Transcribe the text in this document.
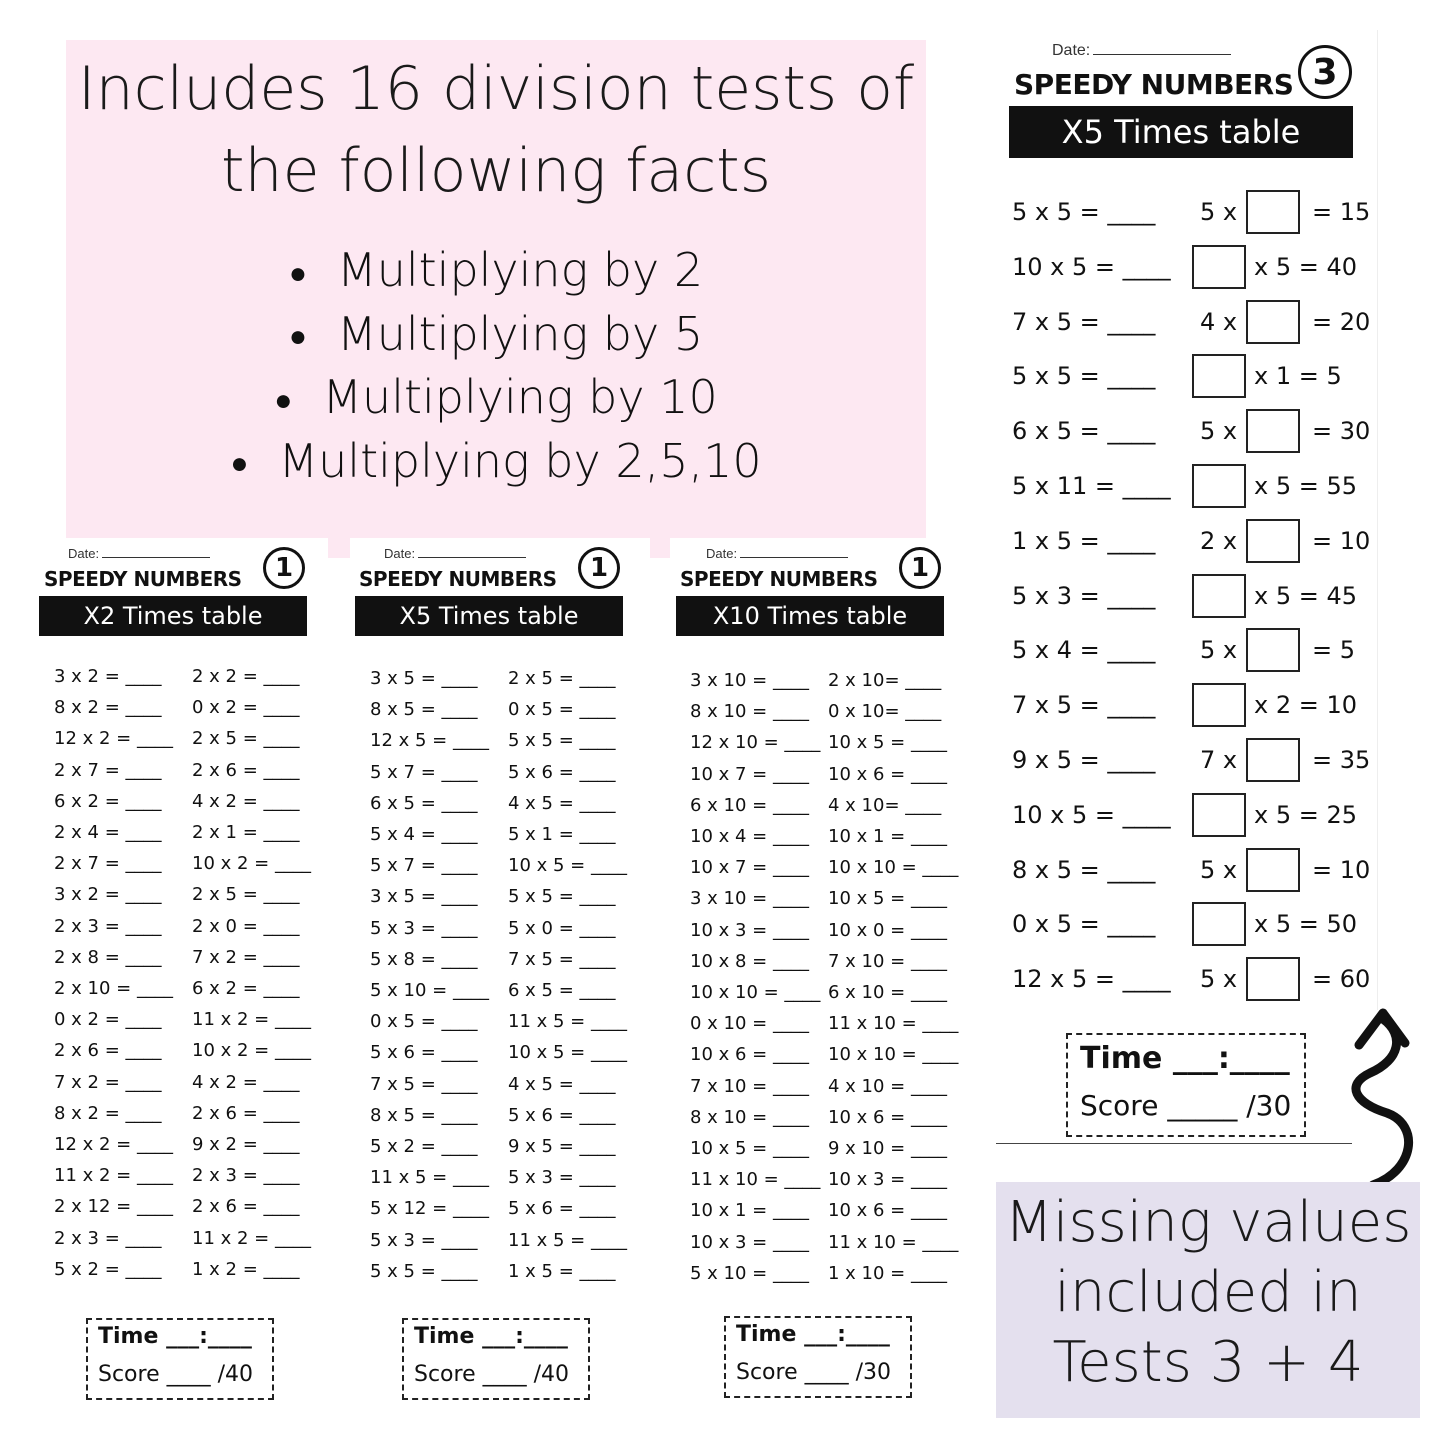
Includes 16 division tests of
the following facts
● Multiplying by 2
● Multiplying by 5
● Multiplying by 10
● Multiplying by 2,5,10
Date:
SPEEDY NUMBERS	1
X2 Times table
3 x 2 = ____ 2 x 2 = ____
8 x 2 = ____ 0 x 2 = ____
12 x 2 = ____ 2 x 5 = ____
2 x 7 = ____ 2 x 6 = ____
6 x 2 = ____ 4 x 2 = ____
2 x 4 = ____ 2 x 1 = ____
2 x 7 = ____ 10 x 2 = ____
3 x 2 = ____ 2 x 5 = ____
2 x 3 = ____ 2 x 0 = ____
2 x 8 = ____ 7 x 2 = ____
2 x 10 = ____ 6 x 2 = ____
0 x 2 = ____ 11 x 2 = ____
2 x 6 = ____ 10 x 2 = ____
7 x 2 = ____ 4 x 2 = ____
8 x 2 = ____ 2 x 6 = ____
12 x 2 = ____ 9 x 2 = ____
11 x 2 = ____ 2 x 3 = ____
2 x 12 = ____ 2 x 6 = ____
2 x 3 = ____ 11 x 2 = ____
5 x 2 = ____ 1 x 2 = ____
Time ___:____
Score ____ /40
Date:
SPEEDY NUMBERS	1
X5 Times table
3 x 5 = ____ 2 x 5 = ____
8 x 5 = ____ 0 x 5 = ____
12 x 5 = ____ 5 x 5 = ____
5 x 7 = ____ 5 x 6 = ____
6 x 5 = ____ 4 x 5 = ____
5 x 4 = ____ 5 x 1 = ____
5 x 7 = ____ 10 x 5 = ____
3 x 5 = ____ 5 x 5 = ____
5 x 3 = ____ 5 x 0 = ____
5 x 8 = ____ 7 x 5 = ____
5 x 10 = ____ 6 x 5 = ____
0 x 5 = ____ 11 x 5 = ____
5 x 6 = ____ 10 x 5 = ____
7 x 5 = ____ 4 x 5 = ____
8 x 5 = ____ 5 x 6 = ____
5 x 2 = ____ 9 x 5 = ____
11 x 5 = ____ 5 x 3 = ____
5 x 12 = ____ 5 x 6 = ____
5 x 3 = ____ 11 x 5 = ____
5 x 5 = ____ 1 x 5 = ____
Time ___:____
Score ____ /40
Date:
SPEEDY NUMBERS	1
X10 Times table
3 x 10 = ____ 2 x 10= ____
8 x 10 = ____ 0 x 10= ____
12 x 10 = ____ 10 x 5 = ____
10 x 7 = ____ 10 x 6 = ____
6 x 10 = ____ 4 x 10= ____
10 x 4 = ____ 10 x 1 = ____
10 x 7 = ____ 10 x 10 = ____
3 x 10 = ____ 10 x 5 = ____
10 x 3 = ____ 10 x 0 = ____
10 x 8 = ____ 7 x 10 = ____
10 x 10 = ____ 6 x 10 = ____
0 x 10 = ____ 11 x 10 = ____
10 x 6 = ____ 10 x 10 = ____
7 x 10 = ____ 4 x 10 = ____
8 x 10 = ____ 10 x 6 = ____
10 x 5 = ____ 9 x 10 = ____
11 x 10 = ____ 10 x 3 = ____
10 x 1 = ____ 10 x 6 = ____
10 x 3 = ____ 11 x 10 = ____
5 x 10 = ____ 1 x 10 = ____
Time ___:____
Score ____ /30
Date:
SPEEDY NUMBERS 3
X5 Times table
5 x 5 = ____ 5 x	= 15
10 x 5 = ____	x 5 = 40
7 x 5 = ____ 4 x	= 20
5 x 5 = ____	x 1 = 5
6 x 5 = ____ 5 x	= 30
5 x 11 = ____	x 5 = 55
1 x 5 = ____ 2 x	= 10
5 x 3 = ____	x 5 = 45
5 x 4 = ____ 5 x	= 5
7 x 5 = ____	x 2 = 10
9 x 5 = ____ 7 x	= 35
10 x 5 = ____	x 5 = 25
8 x 5 = ____ 5 x	= 10
0 x 5 = ____	x 5 = 50
12 x 5 = ____ 5 x	= 60
Time ___:____
Score _____ /30
Missing values
included in
Tests 3 + 4
